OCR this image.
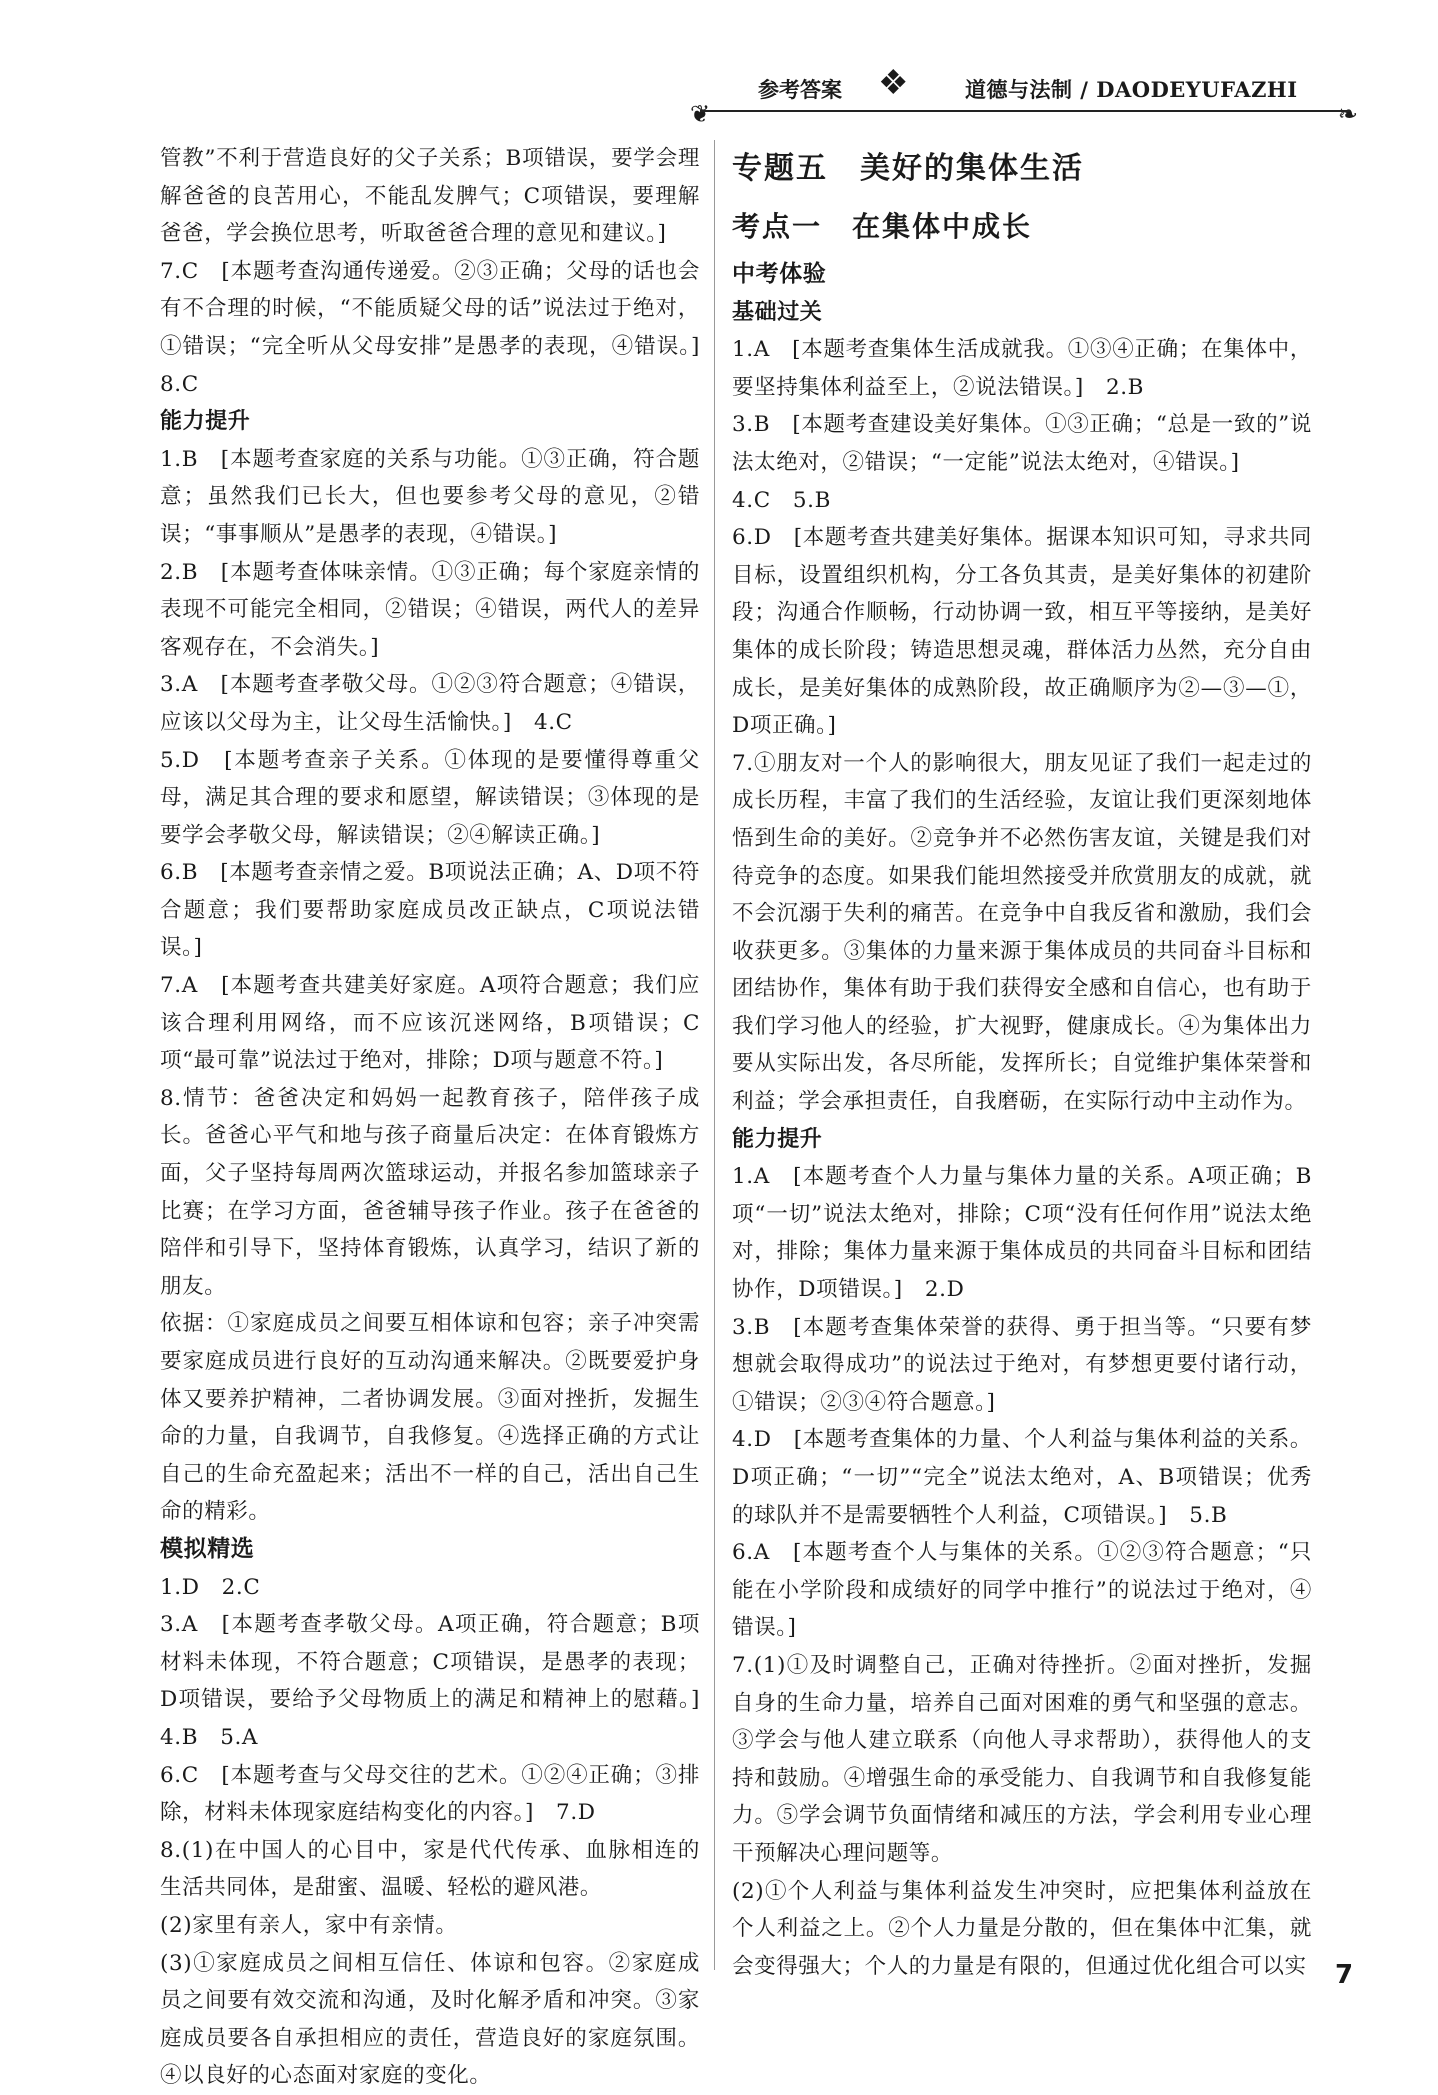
❦
参考答案 ❖	道德与法制 / DAODEYUFAZHI
❧

管教”不利于营造良好的父子关系；B项错误，要学会理解爸爸的良苦用心，不能乱发脾气；C项错误，要理解爸爸，学会换位思考，听取爸爸合理的意见和建议。]

7.C　[本题考查沟通传递爱。②③正确；父母的话也会有不合理的时候，“不能质疑父母的话”说法过于绝对，①错误；“完全听从父母安排”是愚孝的表现，④错误。]　8.C

能力提升

1.B　[本题考查家庭的关系与功能。①③正确，符合题意；虽然我们已长大，但也要参考父母的意见，②错误；“事事顺从”是愚孝的表现，④错误。]

2.B　[本题考查体味亲情。①③正确；每个家庭亲情的表现不可能完全相同，②错误；④错误，两代人的差异客观存在，不会消失。]

3.A　[本题考查孝敬父母。①②③符合题意；④错误，应该以父母为主，让父母生活愉快。]　4.C

5.D　[本题考查亲子关系。①体现的是要懂得尊重父母，满足其合理的要求和愿望，解读错误；③体现的是要学会孝敬父母，解读错误；②④解读正确。]

6.B　[本题考查亲情之爱。B项说法正确；A、D项不符合题意；我们要帮助家庭成员改正缺点，C项说法错误。]

7.A　[本题考查共建美好家庭。A项符合题意；我们应该合理利用网络，而不应该沉迷网络，B项错误；C项“最可靠”说法过于绝对，排除；D项与题意不符。]

8.情节：爸爸决定和妈妈一起教育孩子，陪伴孩子成长。爸爸心平气和地与孩子商量后决定：在体育锻炼方面，父子坚持每周两次篮球运动，并报名参加篮球亲子比赛；在学习方面，爸爸辅导孩子作业。孩子在爸爸的陪伴和引导下，坚持体育锻炼，认真学习，结识了新的朋友。

依据：①家庭成员之间要互相体谅和包容；亲子冲突需要家庭成员进行良好的互动沟通来解决。②既要爱护身体又要养护精神，二者协调发展。③面对挫折，发掘生命的力量，自我调节，自我修复。④选择正确的方式让自己的生命充盈起来；活出不一样的自己，活出自己生命的精彩。

模拟精选

1.D　2.C

3.A　[本题考查孝敬父母。A项正确，符合题意；B项材料未体现，不符合题意；C项错误，是愚孝的表现；D项错误，要给予父母物质上的满足和精神上的慰藉。]　4.B　5.A

6.C　[本题考查与父母交往的艺术。①②④正确；③排除，材料未体现家庭结构变化的内容。]　7.D

8.(1)在中国人的心目中，家是代代传承、血脉相连的生活共同体，是甜蜜、温暖、轻松的避风港。

(2)家里有亲人，家中有亲情。

(3)①家庭成员之间相互信任、体谅和包容。②家庭成员之间要有效交流和沟通，及时化解矛盾和冲突。③家庭成员要各自承担相应的责任，营造良好的家庭氛围。④以良好的心态面对家庭的变化。

专题五　美好的集体生活

考点一　在集体中成长

中考体验

基础过关

1.A　[本题考查集体生活成就我。①③④正确；在集体中，要坚持集体利益至上，②说法错误。]　2.B

3.B　[本题考查建设美好集体。①③正确；“总是一致的”说法太绝对，②错误；“一定能”说法太绝对，④错误。]

4.C　5.B

6.D　[本题考查共建美好集体。据课本知识可知，寻求共同目标，设置组织机构，分工各负其责，是美好集体的初建阶段；沟通合作顺畅，行动协调一致，相互平等接纳，是美好集体的成长阶段；铸造思想灵魂，群体活力丛然，充分自由成长，是美好集体的成熟阶段，故正确顺序为②—③—①，D项正确。]

7.①朋友对一个人的影响很大，朋友见证了我们一起走过的成长历程，丰富了我们的生活经验，友谊让我们更深刻地体悟到生命的美好。②竞争并不必然伤害友谊，关键是我们对待竞争的态度。如果我们能坦然接受并欣赏朋友的成就，就不会沉溺于失利的痛苦。在竞争中自我反省和激励，我们会收获更多。③集体的力量来源于集体成员的共同奋斗目标和团结协作，集体有助于我们获得安全感和自信心，也有助于我们学习他人的经验，扩大视野，健康成长。④为集体出力要从实际出发，各尽所能，发挥所长；自觉维护集体荣誉和利益；学会承担责任，自我磨砺，在实际行动中主动作为。

能力提升

1.A　[本题考查个人力量与集体力量的关系。A项正确；B项“一切”说法太绝对，排除；C项“没有任何作用”说法太绝对，排除；集体力量来源于集体成员的共同奋斗目标和团结协作，D项错误。]　2.D

3.B　[本题考查集体荣誉的获得、勇于担当等。“只要有梦想就会取得成功”的说法过于绝对，有梦想更要付诸行动，①错误；②③④符合题意。]

4.D　[本题考查集体的力量、个人利益与集体利益的关系。D项正确；“一切”“完全”说法太绝对，A、B项错误；优秀的球队并不是需要牺牲个人利益，C项错误。]　5.B

6.A　[本题考查个人与集体的关系。①②③符合题意；“只能在小学阶段和成绩好的同学中推行”的说法过于绝对，④错误。]

7.(1)①及时调整自己，正确对待挫折。②面对挫折，发掘自身的生命力量，培养自己面对困难的勇气和坚强的意志。③学会与他人建立联系（向他人寻求帮助），获得他人的支持和鼓励。④增强生命的承受能力、自我调节和自我修复能力。⑤学会调节负面情绪和减压的方法，学会利用专业心理干预解决心理问题等。

(2)①个人利益与集体利益发生冲突时，应把集体利益放在个人利益之上。②个人力量是分散的，但在集体中汇集，就会变得强大；个人的力量是有限的，但通过优化组合可以实 7
